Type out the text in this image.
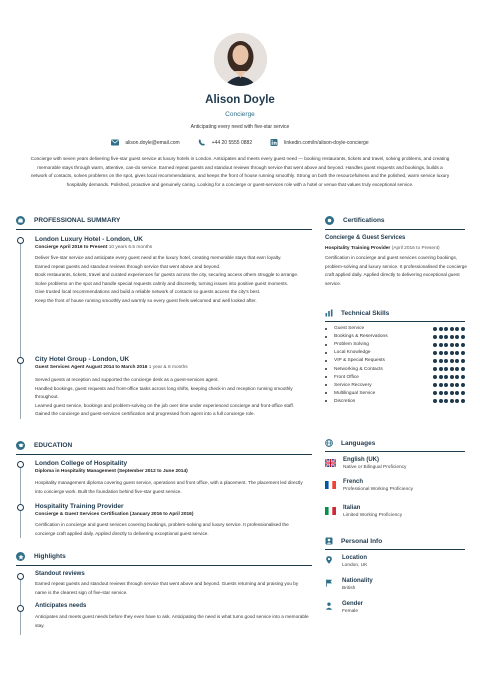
Alison Doyle
Concierge
Anticipating every need with five-star service
alison.doyle@email.com	+44 20 5555 0882	linkedin.com/in/alison-doyle-concierge
Concierge with seven years delivering five-star guest service at luxury hotels in London. Anticipates and meets every guest need — booking restaurants, tickets and travel, solving problems, and creating memorable stays through warm, attentive, can-do service. Earned repeat guests and standout reviews through service that went above and beyond. Handles guest requests and bookings, builds a network of contacts, solves problems on the spot, gives local recommendations, and keeps the front of house running smoothly. Strong on both the resourcefulness and the polished, warm service luxury hospitality demands. Polished, proactive and genuinely caring. Looking for a concierge or guest-services role with a hotel or venue that values truly exceptional service.
PROFESSIONAL SUMMARY
London Luxury Hotel - London, UK
Concierge April 2016 to Present 10 years 6.5 months
Deliver five-star service and anticipate every guest need at the luxury hotel, creating memorable stays that earn loyalty.
Earned repeat guests and standout reviews through service that went above and beyond.
Book restaurants, tickets, travel and curated experiences for guests across the city, securing access others struggle to arrange.
Solve problems on the spot and handle special requests calmly and discreetly, turning issues into positive guest moments.
Give trusted local recommendations and build a reliable network of contacts so guests access the city's best.
Keep the front of house running smoothly and warmly so every guest feels welcomed and well looked after.
City Hotel Group - London, UK
Guest Services Agent August 2014 to March 2016 1 year & 8 months
Served guests at reception and supported the concierge desk as a guest-services agent.
Handled bookings, guest requests and front-office tasks across long shifts, keeping check-in and reception running smoothly throughout.
Learned guest service, bookings and problem-solving on the job over time under experienced concierge and front-office staff.
Gained the concierge and guest-services certification and progressed from agent into a full concierge role.
EDUCATION
London College of Hospitality
Diploma in Hospitality Management (September 2012 to June 2014)
Hospitality management diploma covering guest service, operations and front office, with a placement. The placement led directly into concierge work. Built the foundation behind five-star guest service.
Hospitality Training Provider
Concierge & Guest Services Certification (January 2016 to April 2016)
Certification in concierge and guest services covering bookings, problem-solving and luxury service. It professionalised the concierge craft applied daily. Applied directly to delivering exceptional guest service.
Highlights
Standout reviews
Earned repeat guests and standout reviews through service that went above and beyond. Guests returning and praising you by name is the clearest sign of five-star service.
Anticipates needs
Anticipates and meets guest needs before they even have to ask. Anticipating the need is what turns good service into a memorable stay.
Certifications
Concierge & Guest Services
Hospitality Training Provider (April 2016 to Present)
Certification in concierge and guest services covering bookings, problem-solving and luxury service. It professionalised the concierge craft applied daily. Applied directly to delivering exceptional guest service.
Technical Skills
Guest Service
Bookings & Reservations
Problem Solving
Local Knowledge
VIP & Special Requests
Networking & Contacts
Front Office
Service Recovery
Multilingual Service
Discretion
Languages
English (UK)
Native or Bilingual Proficiency
French
Professional Working Proficiency
Italian
Limited Working Proficiency
Personal Info
Location
London, UK
Nationality
British
Gender
Female
